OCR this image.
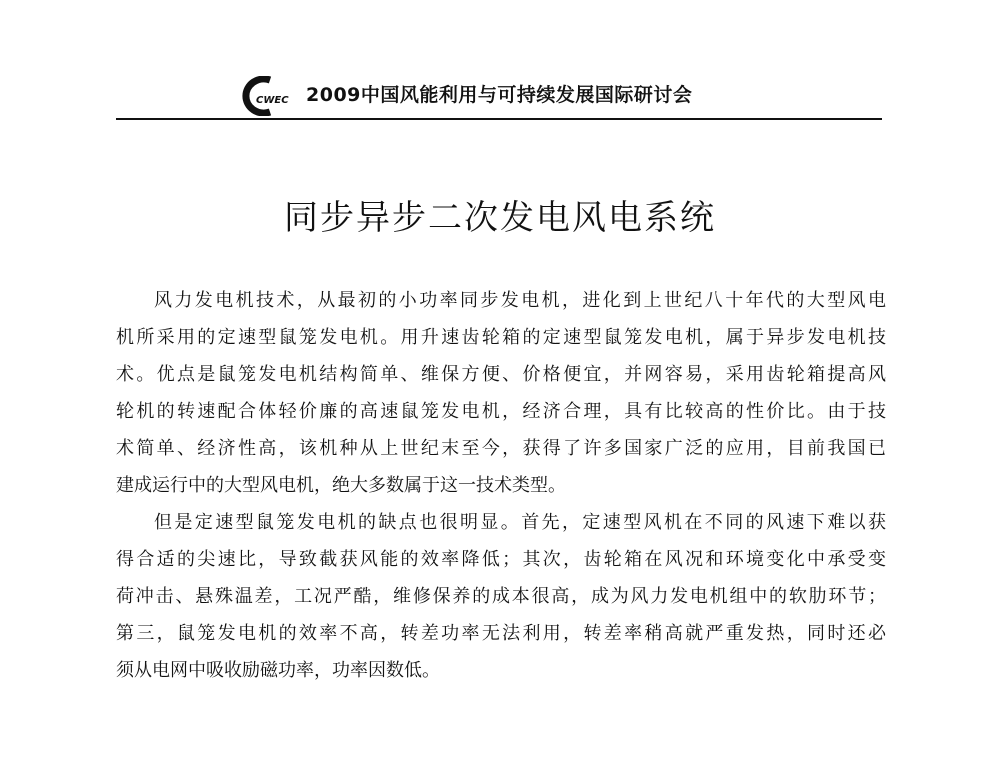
CWEC 2009中国风能利用与可持续发展国际研讨会
同步异步二次发电风电系统
风力发电机技术，从最初的小功率同步发电机，进化到上世纪八十年代的大型风电
机所采用的定速型鼠笼发电机。用升速齿轮箱的定速型鼠笼发电机，属于异步发电机技
术。优点是鼠笼发电机结构简单、维保方便、价格便宜，并网容易，采用齿轮箱提高风
轮机的转速配合体轻价廉的高速鼠笼发电机，经济合理，具有比较高的性价比。由于技
术简单、经济性高，该机种从上世纪末至今，获得了许多国家广泛的应用，目前我国已
建成运行中的大型风电机，绝大多数属于这一技术类型。
但是定速型鼠笼发电机的缺点也很明显。首先，定速型风机在不同的风速下难以获
得合适的尖速比，导致截获风能的效率降低；其次，齿轮箱在风况和环境变化中承受变
荷冲击、悬殊温差，工况严酷，维修保养的成本很高，成为风力发电机组中的软肋环节；
第三，鼠笼发电机的效率不高，转差功率无法利用，转差率稍高就严重发热，同时还必
须从电网中吸收励磁功率，功率因数低。
